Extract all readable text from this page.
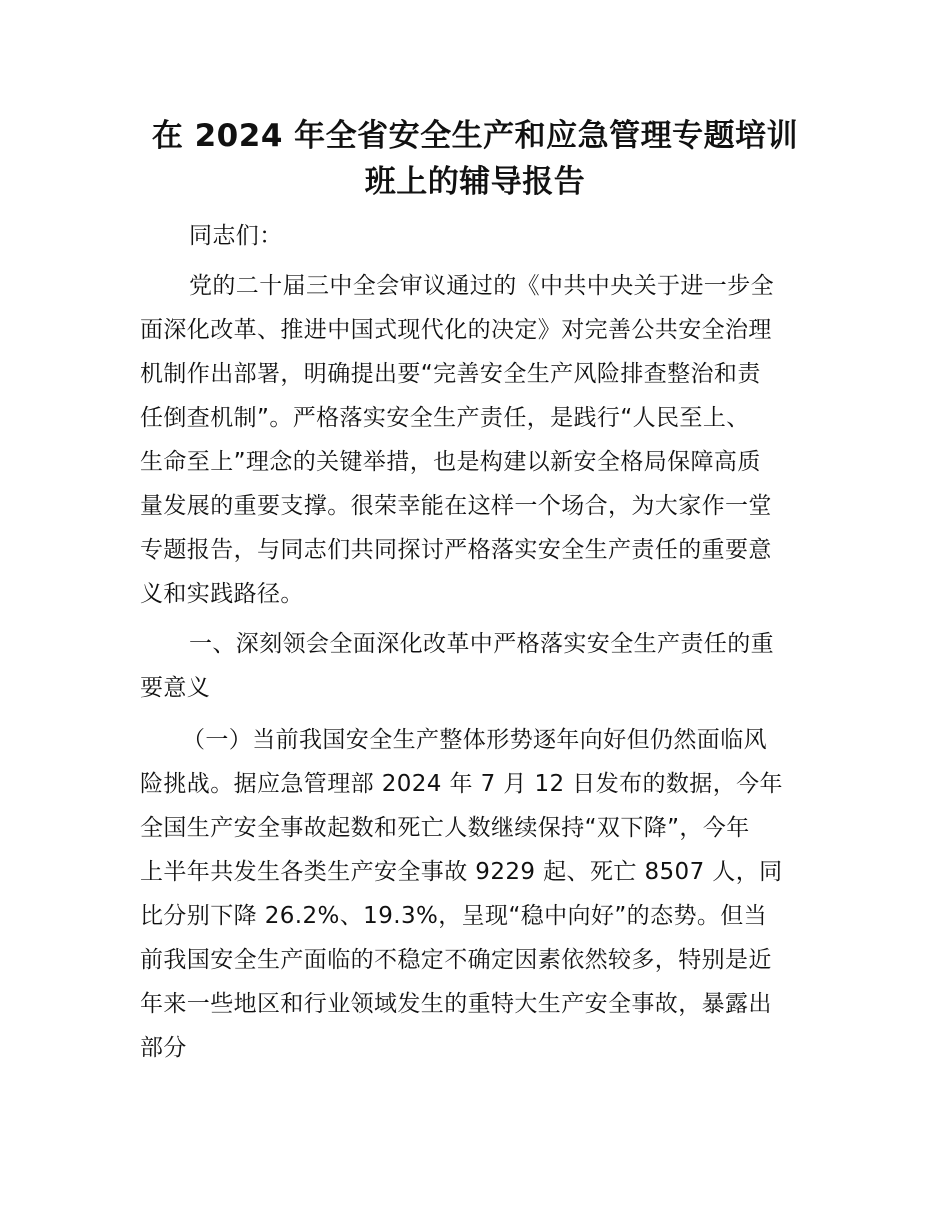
在 2024 年全省安全生产和应急管理专题培训
班上的辅导报告
同志们：
党的二十届三中全会审议通过的《中共中央关于进一步全
面深化改革、推进中国式现代化的决定》对完善公共安全治理
机制作出部署，明确提出要“完善安全生产风险排查整治和责
任倒查机制”。严格落实安全生产责任，是践行“人民至上、
生命至上”理念的关键举措，也是构建以新安全格局保障高质
量发展的重要支撑。很荣幸能在这样一个场合，为大家作一堂
专题报告，与同志们共同探讨严格落实安全生产责任的重要意
义和实践路径。
一、深刻领会全面深化改革中严格落实安全生产责任的重
要意义
（一）当前我国安全生产整体形势逐年向好但仍然面临风
险挑战。据应急管理部 2024 年 7 月 12 日发布的数据，今年
全国生产安全事故起数和死亡人数继续保持“双下降”，今年
上半年共发生各类生产安全事故 9229 起、死亡 8507 人，同
比分别下降 26.2%、19.3%，呈现“稳中向好”的态势。但当
前我国安全生产面临的不稳定不确定因素依然较多，特别是近
年来一些地区和行业领域发生的重特大生产安全事故，暴露出
部分
